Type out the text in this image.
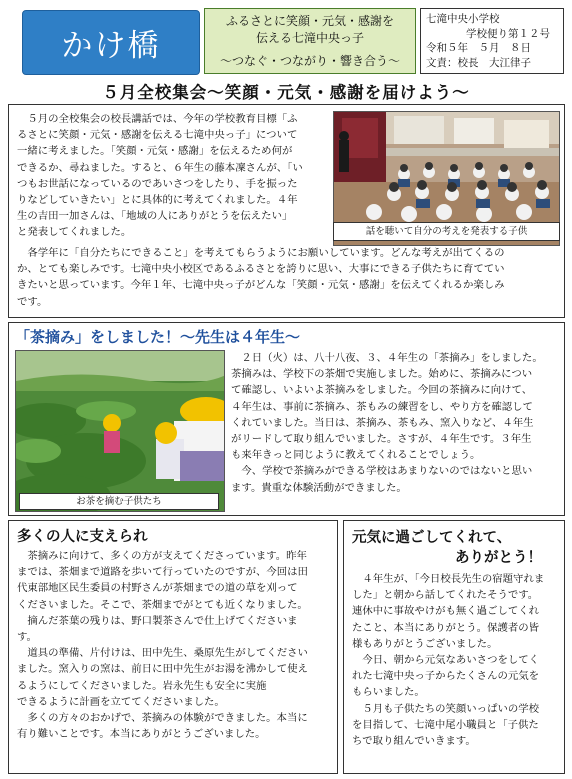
かけ橋
ふるさとに笑顔・元気・感謝を
伝える七滝中央っ子
～つなぐ・つながり・響き合う～
七滝中央小学校
学校便り第１２号
令和５年　５月　８日
文責：校長　大江律子
５月全校集会～笑顔・元気・感謝を届けよう～
５月の全校集会の校長講話では、今年の学校教育目標「ふ
るさとに笑顔・元気・感謝を伝える七滝中央っ子」について
一緒に考えました。「笑顔・元気・感謝」を伝えるため何が
できるか、尋ねました。すると、６年生の藤本凜さんが、「い
つもお世話になっているのであいさつをしたり、手を振った
りなどしていきたい」とに具体的に考えてくれました。４年
生の吉田一加さんは、「地域の人にありがとうを伝えたい」
と発表してくれました。
各学年に「自分たちにできること」を考えてもらうようにお願いしています。どんな考えが出てくるの
か、とても楽しみです。七滝中央小校区であるふるさとを誇りに思い、大事にできる子供たちに育ててい
きたいと思っています。今年１年、七滝中央っ子がどんな「笑顔・元気・感謝」を伝えてくれるか楽しみ
です。
話を聴いて自分の考えを発表する子供
「茶摘み」をしました！～先生は４年生～
お茶を摘む子供たち
２日（火）は、八十八夜、３、４年生の「茶摘み」をしました。
茶摘みは、学校下の茶畑で実施しました。始めに、茶摘みについ
て確認し、いよいよ茶摘みをしました。今回の茶摘みに向けて、
４年生は、事前に茶摘み、茶もみの練習をし、やり方を確認して
くれていました。当日は、茶摘み、茶もみ、窯入りなど、４年生
がリードして取り組んでいました。さすが、４年生です。３年生
も来年きっと同じように教えてくれることでしょう。
今、学校で茶摘みができる学校はあまりないのではないと思い
ます。貴重な体験活動ができました。
多くの人に支えられ
茶摘みに向けて、多くの方が支えてくださっています。昨年
までは、茶畑まで道路を歩いて行っていたのですが、今回は田
代東部地区民生委員の村野さんが茶畑までの道の草を刈って
くださいました。そこで、茶畑までがとても近くなりました。
摘んだ茶葉の残りは、野口製茶さんで仕上げてくださいま
す。
道具の準備、片付けは、田中先生、桑原先生がしてください
ました。窯入りの窯は、前日に田中先生がお湯を沸かして使え
るようにしてくださいました。岩永先生も安全に実施
できるように計画を立ててくださいました。
多くの方々のおかげで、茶摘みの体験ができました。本当に
有り難いことです。本当にありがとうございました。
元気に過ごしてくれて、
ありがとう！
４年生が、「今日校長先生の宿題守れま
した」と朝から話してくれたそうです。
連休中に事故やけがも無く過ごしてくれ
たこと、本当にありがとう。保護者の皆
様もありがとうございました。
今日、朝から元気なあいさつをしてく
れた七滝中央っ子からたくさんの元気を
もらいました。
５月も子供たちの笑顔いっぱいの学校
を目指して、七滝中尾小職員と「子供た
ちで取り組んでいきます。
